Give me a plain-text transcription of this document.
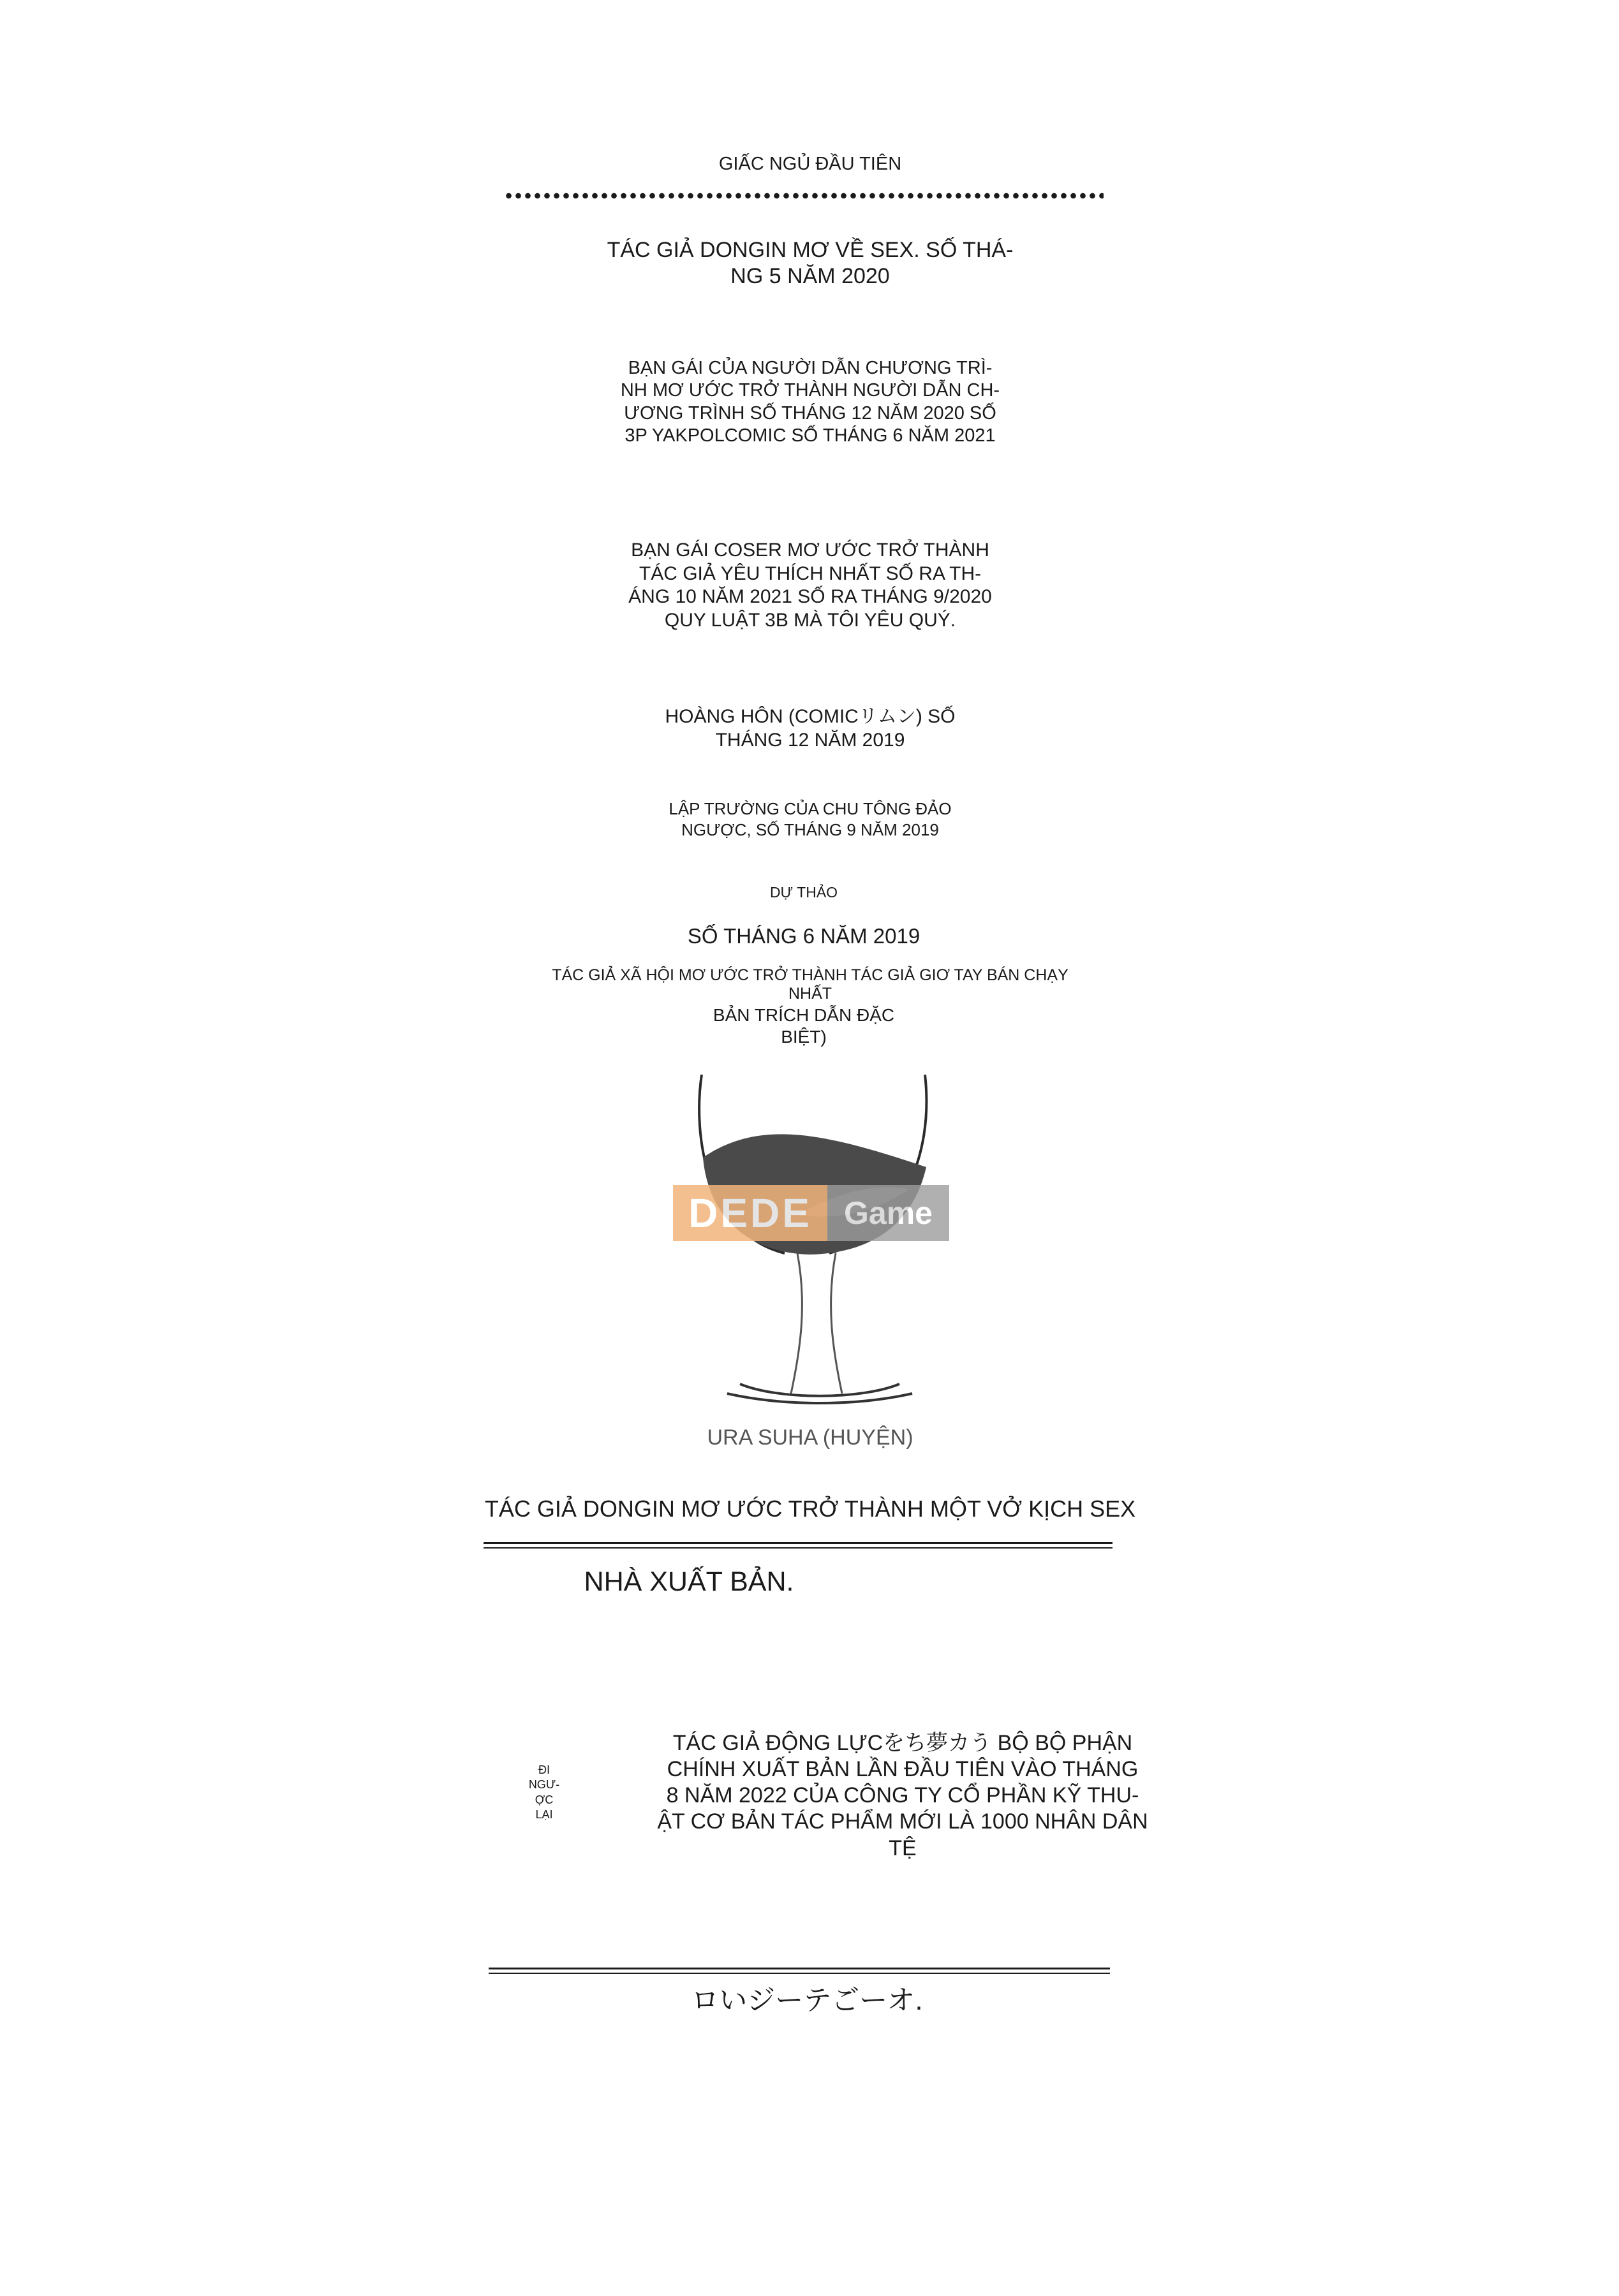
GIẤC NGỦ ĐẦU TIÊN
TÁC GIẢ DONGIN MƠ VỀ SEX. SỐ THÁ-
NG 5 NĂM 2020
BẠN GÁI CỦA NGƯỜI DẪN CHƯƠNG TRÌ-
NH MƠ ƯỚC TRỞ THÀNH NGƯỜI DẪN CH-
ƯƠNG TRÌNH SỐ THÁNG 12 NĂM 2020 SỐ
3P YAKPOLCOMIC SỐ THÁNG 6 NĂM 2021
BẠN GÁI COSER MƠ ƯỚC TRỞ THÀNH
TÁC GIẢ YÊU THÍCH NHẤT SỐ RA TH-
ÁNG 10 NĂM 2021 SỐ RA THÁNG 9/2020
QUY LUẬT 3B MÀ TÔI YÊU QUÝ.
HOÀNG HÔN (COMICリムン) SỐ
THÁNG 12 NĂM 2019
LẬP TRƯỜNG CỦA CHU TÔNG ĐẢO
NGƯỢC, SỐ THÁNG 9 NĂM 2019
DỰ THẢO
SỐ THÁNG 6 NĂM 2019
TÁC GIẢ XÃ HỘI MƠ ƯỚC TRỞ THÀNH TÁC GIẢ GIƠ TAY BÁN CHẠY
NHẤT
BẢN TRÍCH DẪN ĐẶC
BIỆT)
DEDE	Game
URA SUHA (HUYỆN)
TÁC GIẢ DONGIN MƠ ƯỚC TRỞ THÀNH MỘT VỞ KỊCH SEX
NHÀ XUẤT BẢN.
ĐI
NGƯ-
ỢC
LẠI
TÁC GIẢ ĐỘNG LỰCをち夢カう BỘ BỘ PHẬN
CHÍNH XUẤT BẢN LẦN ĐẦU TIÊN VÀO THÁNG
8 NĂM 2022 CỦA CÔNG TY CỔ PHẦN KỸ THU-
ẬT CƠ BẢN TÁC PHẨM MỚI LÀ 1000 NHÂN DÂN
TỆ
ロいジーテごーオ.
